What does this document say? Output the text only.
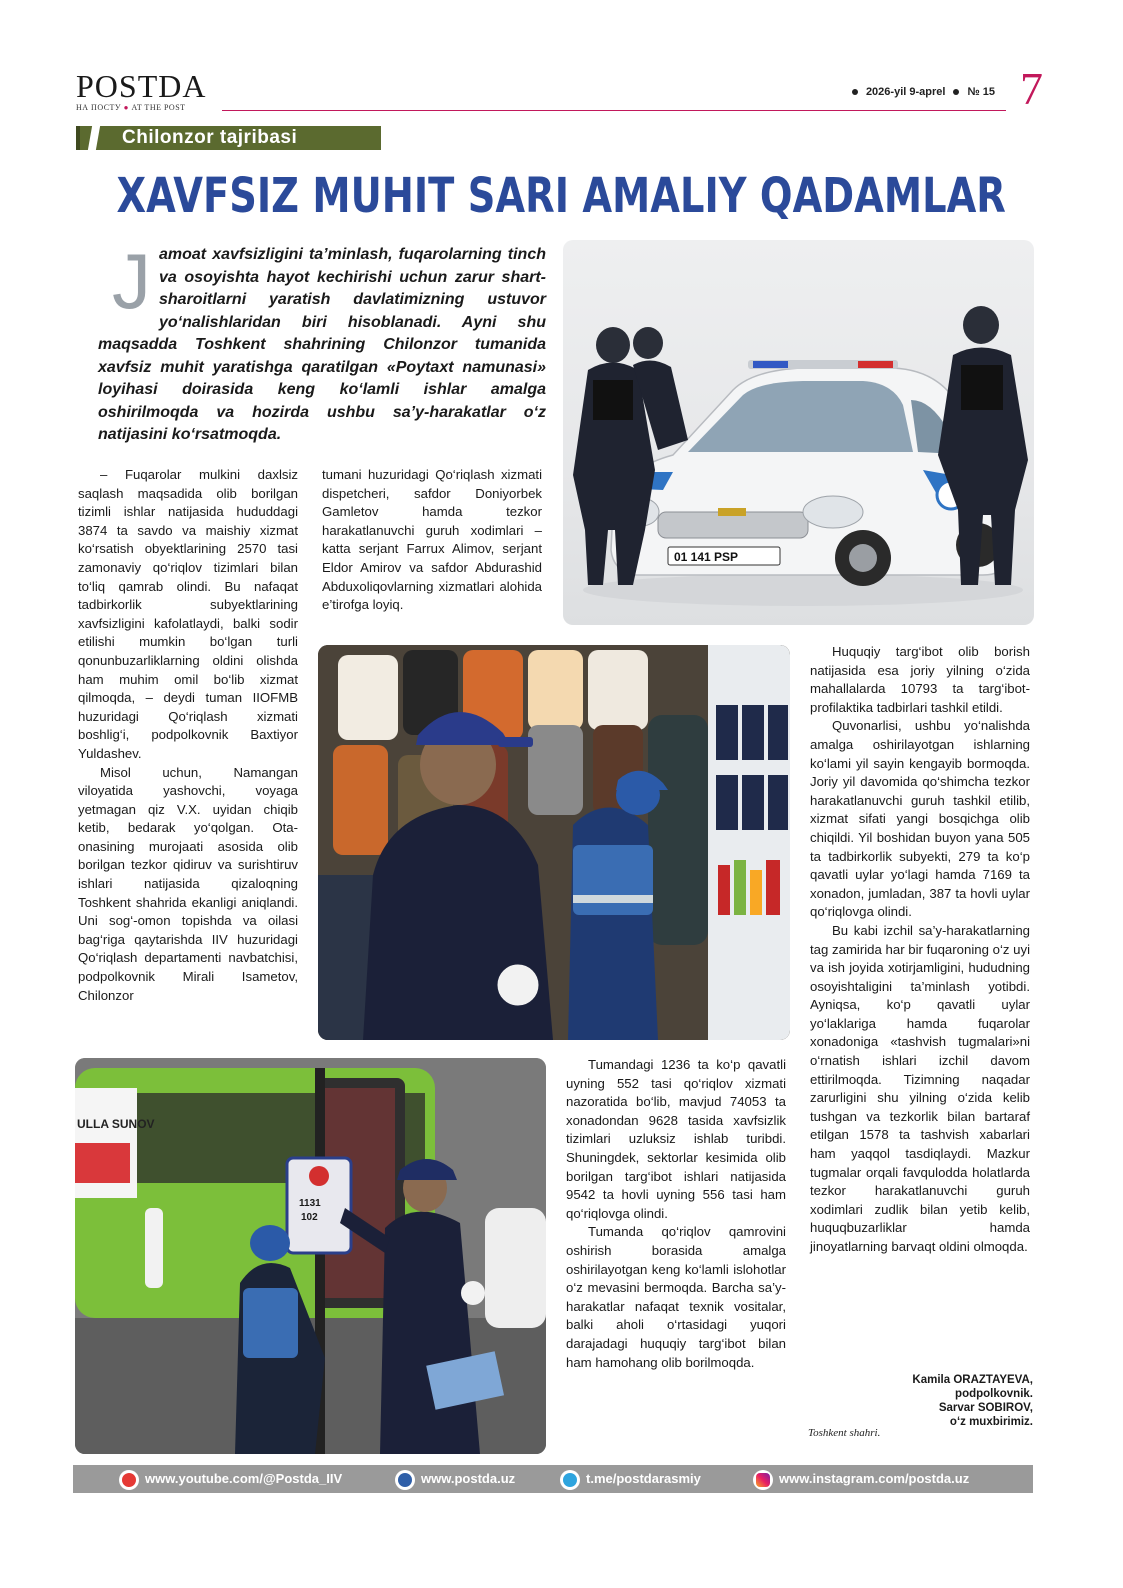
POSTDA
НА ПОСТУ ● AT THE POST
2026-yil 9-aprel № 15 7
Chilonzor tajribasi
XAVFSIZ MUHIT SARI AMALIY QADAMLAR
Jamoat xavfsizligini ta’minlash, fuqarolarning tinch va osoyishta hayot kechirishi uchun zarur shart-sharoitlarni yaratish davlatimizning ustuvor yo‘nalishlaridan biri hisoblanadi. Ayni shu maqsadda Toshkent shahrining Chilonzor tumanida xavfsiz muhit yaratishga qaratilgan «Poytaxt namunasi» loyihasi doirasida keng ko‘lamli ishlar amalga oshirilmoqda va hozirda ushbu sa’y-harakatlar o‘z natijasini ko‘rsatmoqda.
01 141 PSP
ULLA SUNOV
1131
102

– Fuqarolar mulkini daxlsiz saqlash maqsadida olib borilgan tizimli ishlar natijasida hududdagi 3874 ta savdo va maishiy xizmat ko‘rsatish obyektlarining 2570 tasi zamonaviy qo‘riqlov tizimlari bilan to‘liq qamrab olindi. Bu nafaqat tadbirkorlik subyektlarining xavfsizligini kafolatlaydi, balki sodir etilishi mumkin bo‘lgan turli qonunbuzarliklarning oldini olishda ham muhim omil bo‘lib xizmat qilmoqda, – deydi tuman IIOFMB huzuridagi Qo‘riqlash xizmati boshlig‘i, podpolkovnik Baxtiyor Yuldashev.

Misol uchun, Namangan viloyatida yashovchi, voyaga yetmagan qiz V.X. uyidan chiqib ketib, bedarak yo‘qolgan. Ota-onasining murojaati asosida olib borilgan tezkor qidiruv va surishtiruv ishlari natijasida qizaloqning Toshkent shahrida ekanligi aniqlandi. Uni sog‘-omon topishda va oilasi bag‘riga qaytarishda IIV huzuridagi Qo‘riqlash departamenti navbatchisi, podpolkovnik Mirali Isametov, Chilonzor

tumani huzuridagi Qo‘riqlash xizmati dispetcheri, safdor Doniyorbek Gamletov hamda tezkor harakatlanuvchi guruh xodimlari – katta serjant Farrux Alimov, serjant Eldor Amirov va safdor Abdurashid Abduxoliqovlarning xizmatlari alohida e’tirofga loyiq.

Huquqiy targ‘ibot olib borish natijasida esa joriy yilning o‘zida mahallalarda 10793 ta targ‘ibot-profilaktika tadbirlari tashkil etildi.

Quvonarlisi, ushbu yo‘nalishda amalga oshirilayotgan ishlarning ko‘lami yil sayin kengayib bormoqda. Joriy yil davomida qo‘shimcha tezkor harakatlanuvchi guruh tashkil etilib, xizmat sifati yangi bosqichga olib chiqildi. Yil boshidan buyon yana 505 ta tadbirkorlik subyekti, 279 ta ko‘p qavatli uylar yo‘lagi hamda 7169 ta xonadon, jumladan, 387 ta hovli uylar qo‘riqlovga olindi.

Bu kabi izchil sa’y-harakatlarning tag zamirida har bir fuqaroning o‘z uyi va ish joyida xotirjamligini, hududning osoyishtaligini ta’minlash yotibdi. Ayniqsa, ko‘p qavatli uylar yo‘laklariga hamda fuqarolar xonadoniga «tashvish tugmalari»ni o‘rnatish ishlari izchil davom ettirilmoqda. Tizimning naqadar zarurligini shu yilning o‘zida kelib tushgan va tezkorlik bilan bartaraf etilgan 1578 ta tashvish xabarlari ham yaqqol tasdiqlaydi. Mazkur tugmalar orqali favqulodda holatlarda tezkor harakatlanuvchi guruh xodimlari zudlik bilan yetib kelib, huquqbuzarliklar hamda jinoyatlarning barvaqt oldini olmoqda.

Tumandagi 1236 ta ko‘p qavatli uyning 552 tasi qo‘riqlov xizmati nazoratida bo‘lib, mavjud 74053 ta xonadondan 9628 tasida xavfsizlik tizimlari uzluksiz ishlab turibdi. Shuningdek, sektorlar kesimida olib borilgan targ‘ibot ishlari natijasida 9542 ta hovli uyning 556 tasi ham qo‘riqlovga olindi.

Tumanda qo‘riqlov qamrovini oshirish borasida amalga oshirilayotgan keng ko‘lamli islohotlar o‘z mevasini bermoqda. Barcha sa’y-harakatlar nafaqat texnik vositalar, balki aholi o‘rtasidagi yuqori darajadagi huquqiy targ‘ibot bilan ham hamohang olib borilmoqda.

Kamila ORAZTAYEVA,
podpolkovnik.
Sarvar SOBIROV,
o‘z muxbirimiz.
Toshkent shahri.
www.youtube.com/@Postda_IIV	www.postda.uz	t.me/postdarasmiy	www.instagram.com/postda.uz
